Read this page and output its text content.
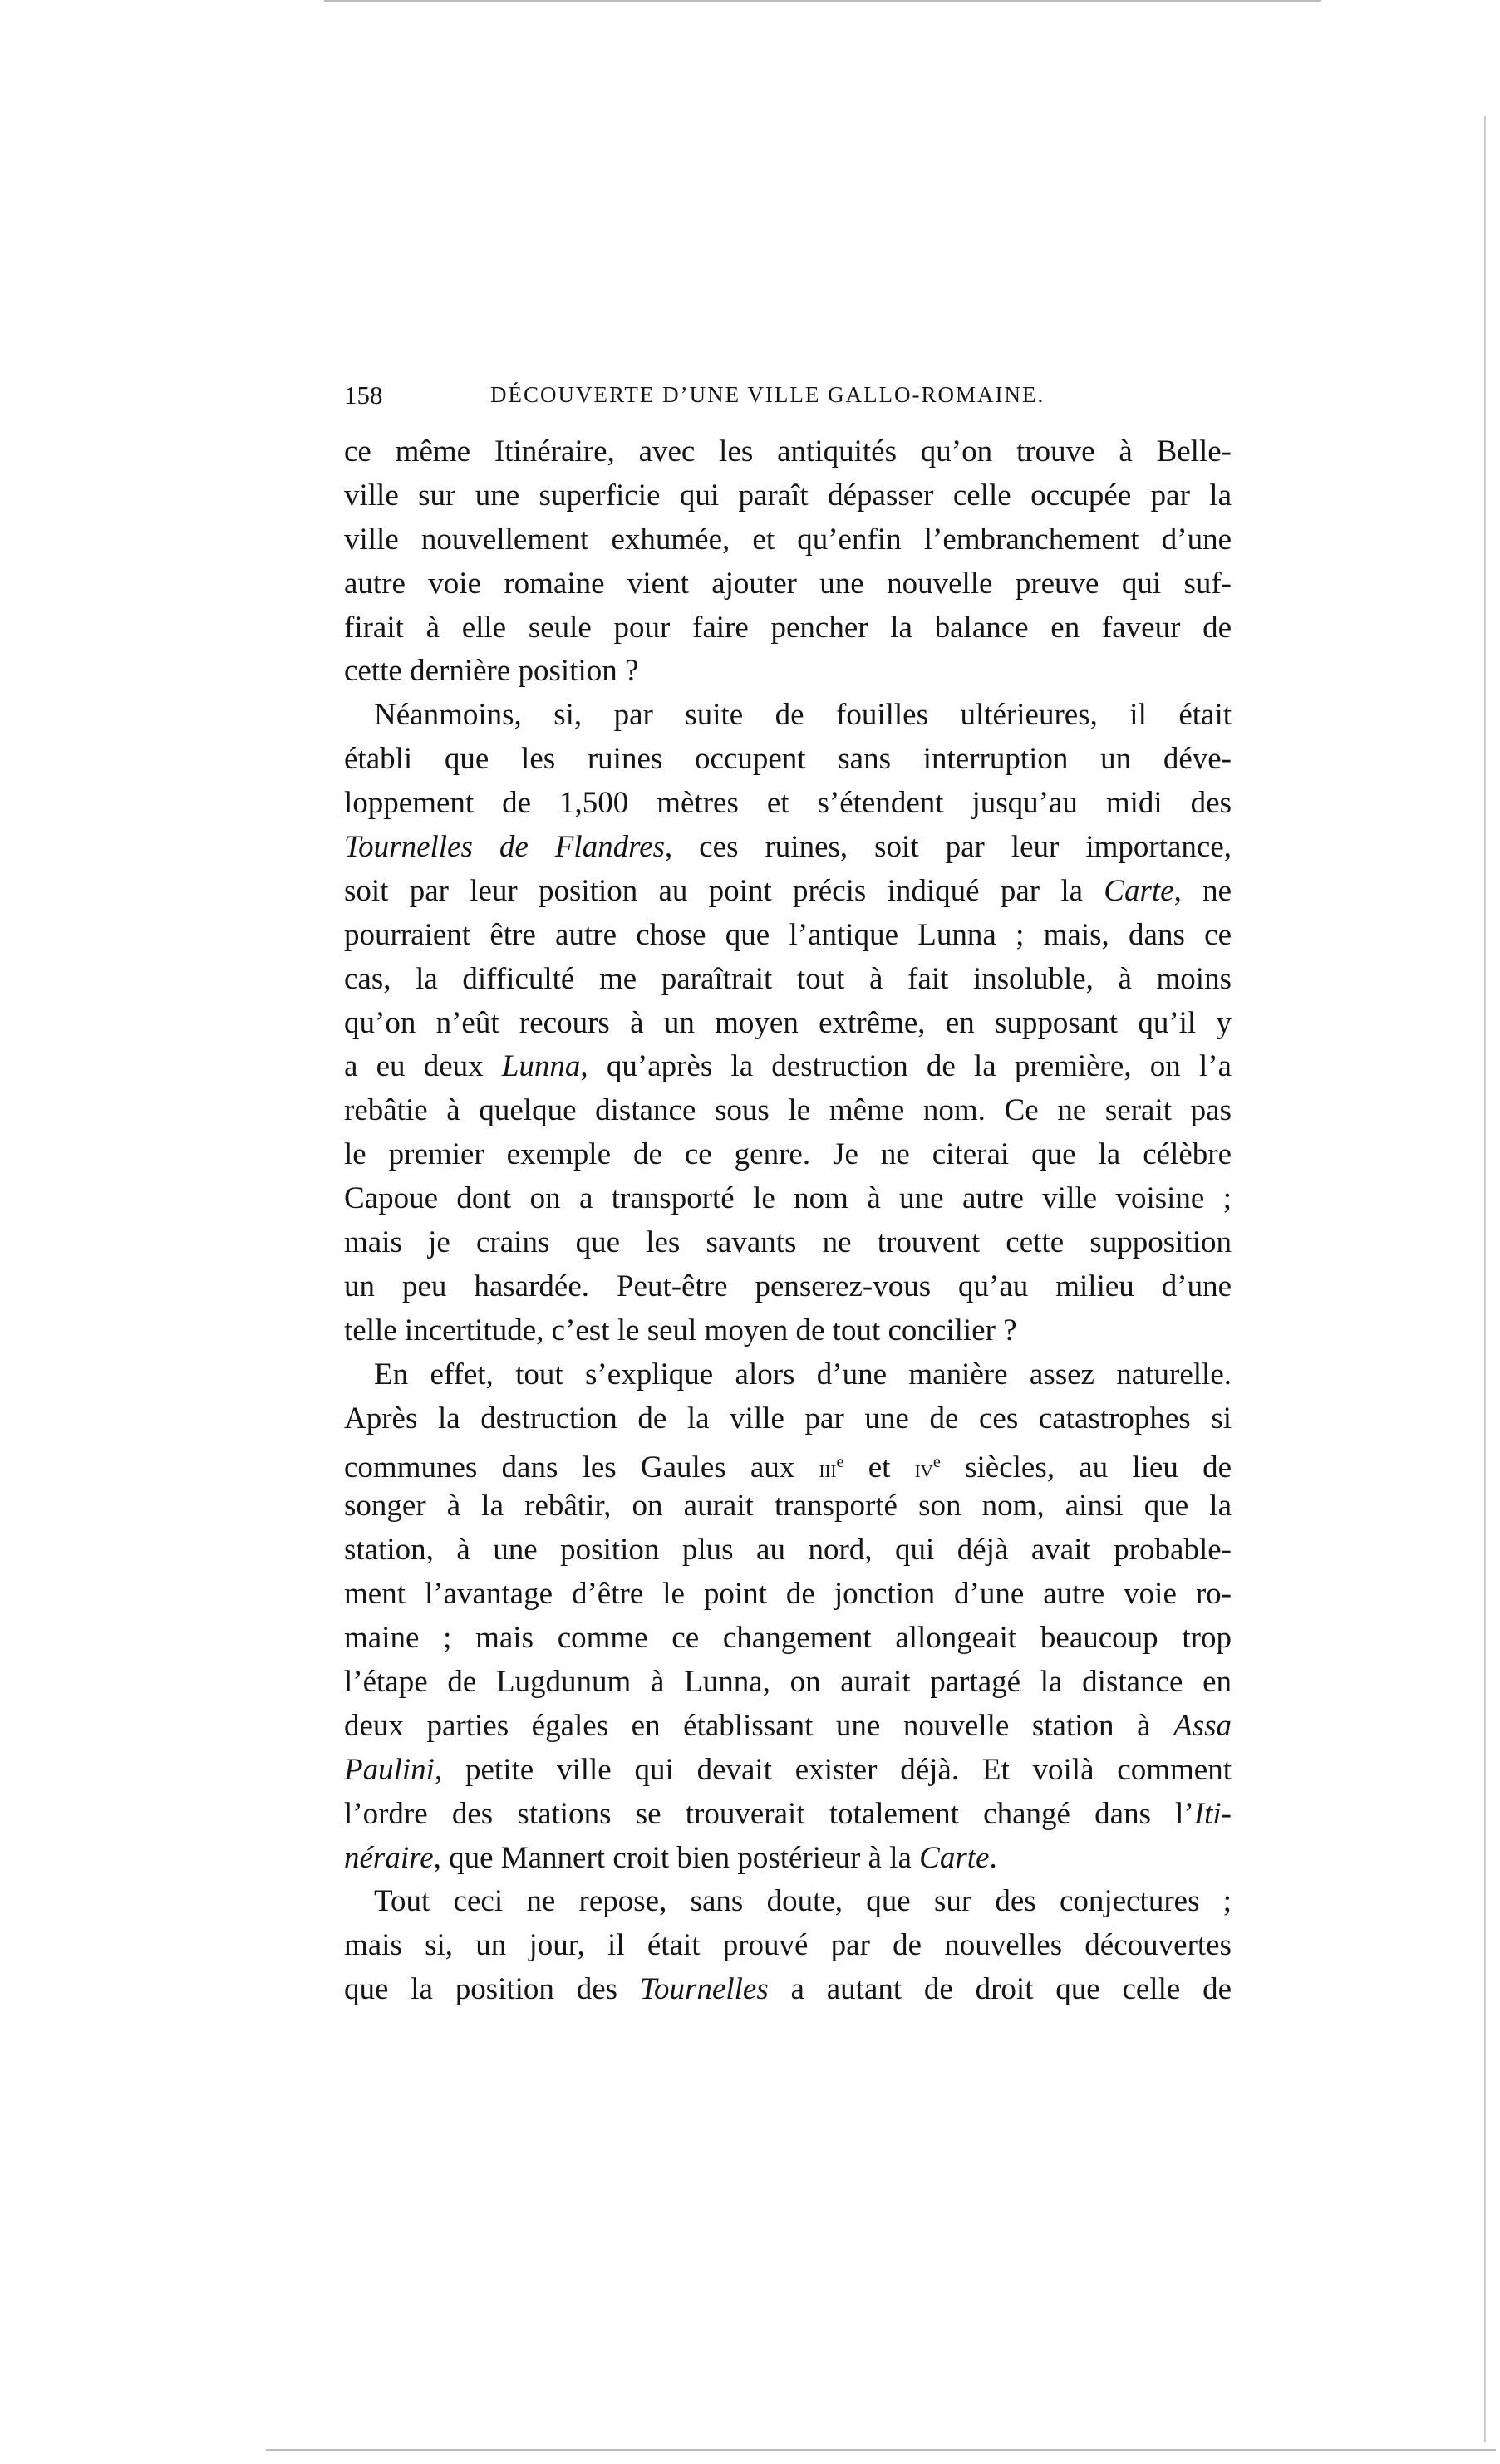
158	DÉCOUVERTE D’UNE VILLE GALLO-ROMAINE.
ce même Itinéraire, avec les antiquités qu’on trouve à Belle-
ville sur une superficie qui paraît dépasser celle occupée par la
ville nouvellement exhumée, et qu’enfin l’embranchement d’une
autre voie romaine vient ajouter une nouvelle preuve qui suf-
firait à elle seule pour faire pencher la balance en faveur de
cette dernière position ?
Néanmoins, si, par suite de fouilles ultérieures, il était
établi que les ruines occupent sans interruption un déve-
loppement de 1,500 mètres et s’étendent jusqu’au midi des
Tournelles de Flandres, ces ruines, soit par leur importance,
soit par leur position au point précis indiqué par la Carte, ne
pourraient être autre chose que l’antique Lunna ; mais, dans ce
cas, la difficulté me paraîtrait tout à fait insoluble, à moins
qu’on n’eût recours à un moyen extrême, en supposant qu’il y
a eu deux Lunna, qu’après la destruction de la première, on l’a
rebâtie à quelque distance sous le même nom. Ce ne serait pas
le premier exemple de ce genre. Je ne citerai que la célèbre
Capoue dont on a transporté le nom à une autre ville voisine ;
mais je crains que les savants ne trouvent cette supposition
un peu hasardée. Peut-être penserez-vous qu’au milieu d’une
telle incertitude, c’est le seul moyen de tout concilier ?
En effet, tout s’explique alors d’une manière assez naturelle.
Après la destruction de la ville par une de ces catastrophes si
communes dans les Gaules aux iii$^e$ et $iv^e$ siècles, au lieu de
songer à la rebâtir, on aurait transporté son nom, ainsi que la
station, à une position plus au nord, qui déjà avait probable-
ment l’avantage d’être le point de jonction d’une autre voie ro-
maine ; mais comme ce changement allongeait beaucoup trop
l’étape de Lugdunum à Lunna, on aurait partagé la distance en
deux parties égales en établissant une nouvelle station à Assa
Paulini, petite ville qui devait exister déjà. Et voilà comment
l’ordre des stations se trouverait totalement changé dans l’Iti-
néraire, que Mannert croit bien postérieur à la Carte.
Tout ceci ne repose, sans doute, que sur des conjectures ;
mais si, un jour, il était prouvé par de nouvelles découvertes
que la position des Tournelles a autant de droit que celle de
